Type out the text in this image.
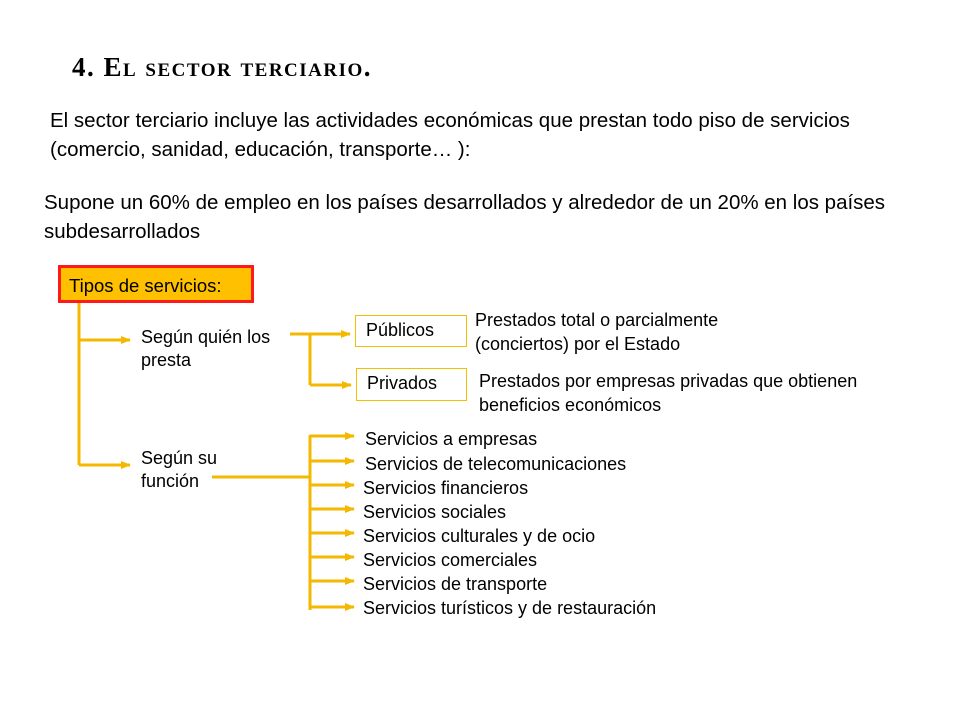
4. El sector terciario.
El sector terciario incluye las actividades económicas que prestan todo piso de servicios (comercio, sanidad, educación, transporte… ):
Supone un 60% de empleo en los países desarrollados y alrededor de un 20% en los países subdesarrollados
Tipos de servicios:
Según quién los presta
Según su función
Públicos
Privados
Prestados total o parcialmente (conciertos) por el Estado
Prestados por empresas privadas que obtienen beneficios económicos
Servicios a empresas
Servicios de telecomunicaciones
Servicios financieros
Servicios sociales
Servicios culturales y de ocio
Servicios comerciales
Servicios de transporte
Servicios turísticos y de restauración
